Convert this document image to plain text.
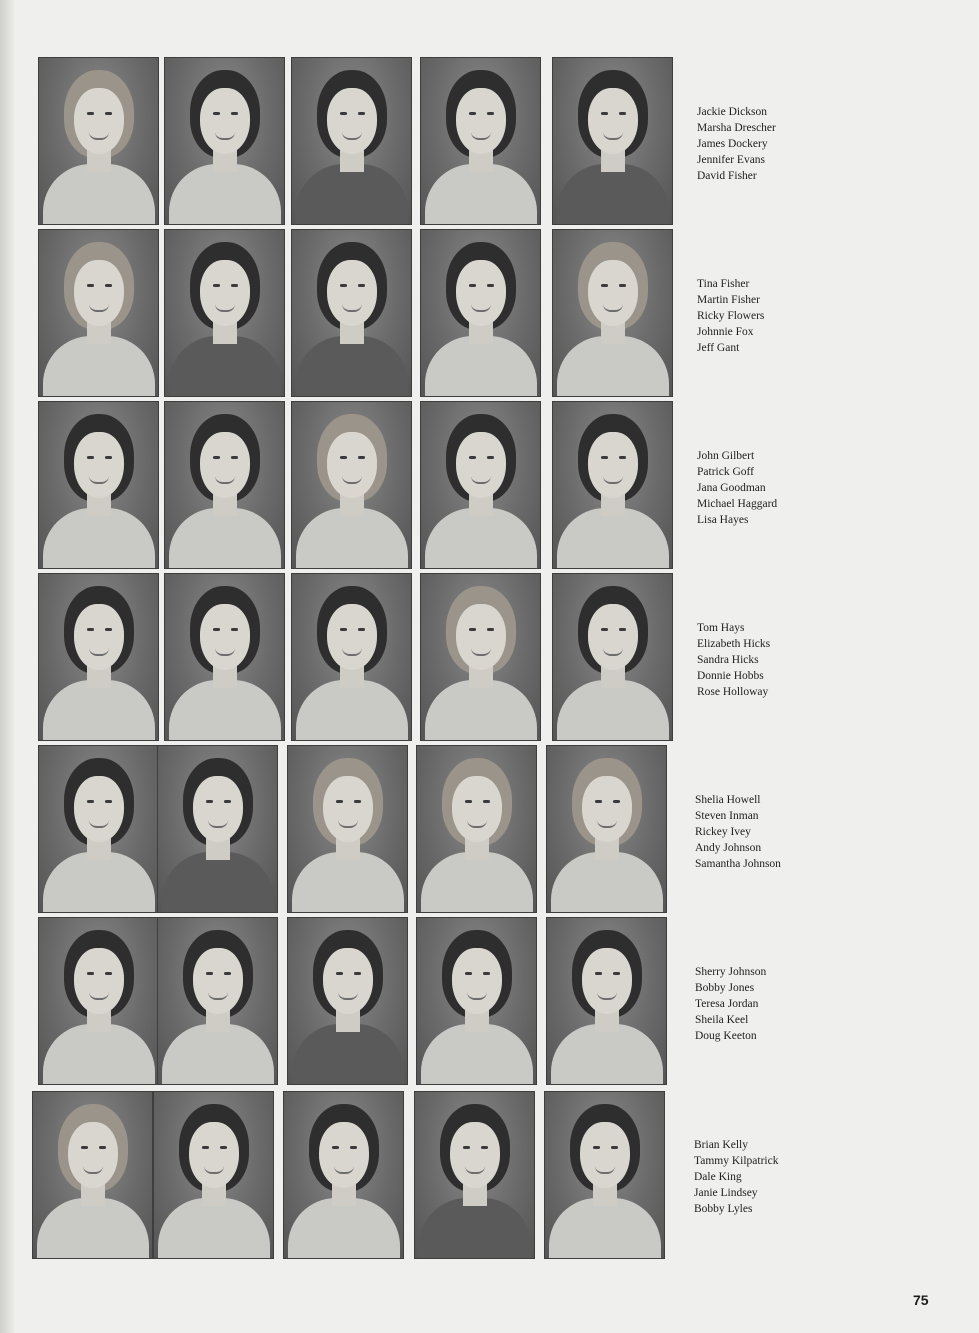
Jackie Dickson
Marsha Drescher
James Dockery
Jennifer Evans
David Fisher
Tina Fisher
Martin Fisher
Ricky Flowers
Johnnie Fox
Jeff Gant
John Gilbert
Patrick Goff
Jana Goodman
Michael Haggard
Lisa Hayes
Tom Hays
Elizabeth Hicks
Sandra Hicks
Donnie Hobbs
Rose Holloway
Shelia Howell
Steven Inman
Rickey Ivey
Andy Johnson
Samantha Johnson
Sherry Johnson
Bobby Jones
Teresa Jordan
Sheila Keel
Doug Keeton
Brian Kelly
Tammy Kilpatrick
Dale King
Janie Lindsey
Bobby Lyles
75
